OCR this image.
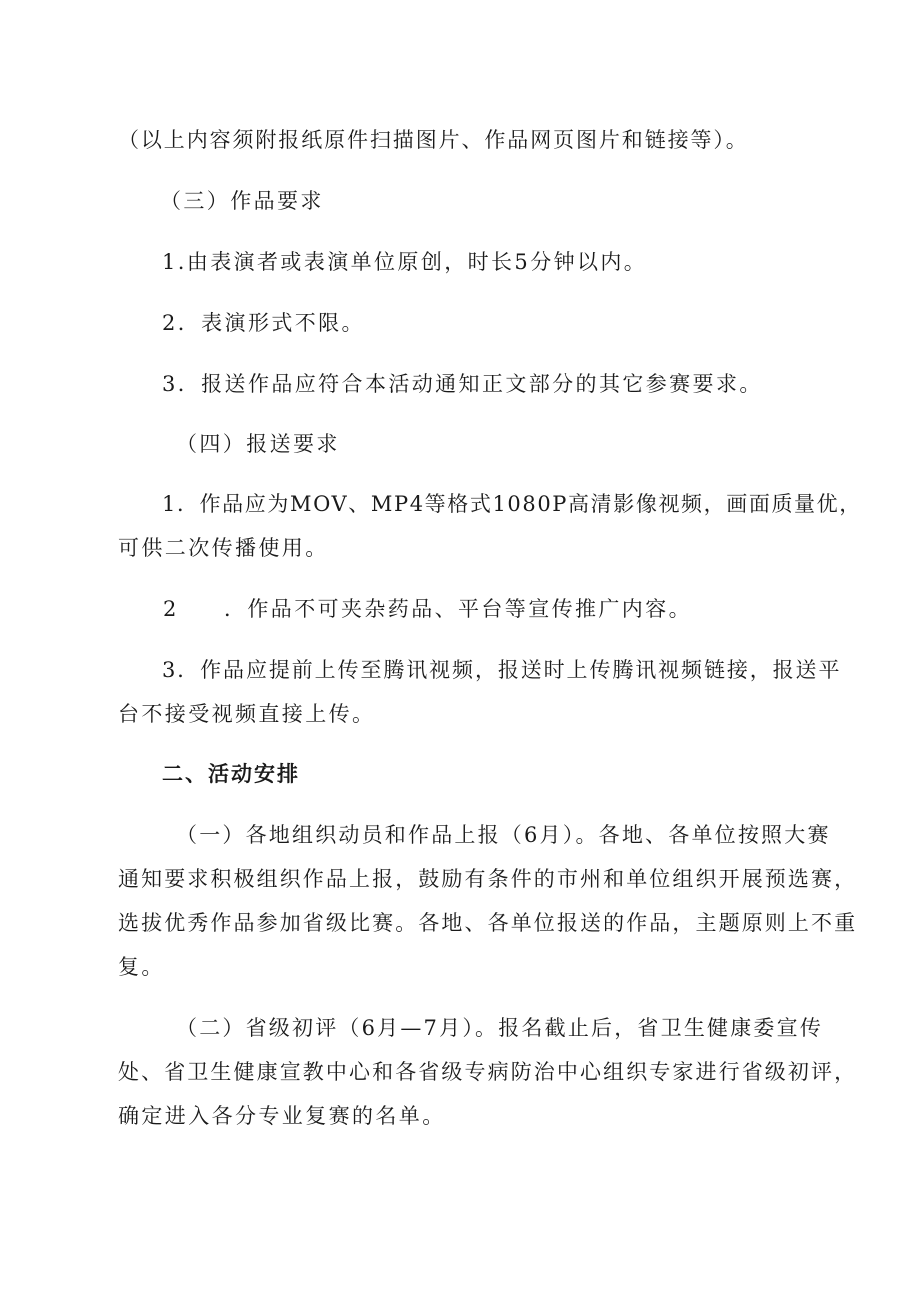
（以上内容须附报纸原件扫描图片、作品网页图片和链接等）。
（三）作品要求
1.由表演者或表演单位原创，时长5分钟以内。
2．表演形式不限。
3．报送作品应符合本活动通知正文部分的其它参赛要求。
（四）报送要求
1．作品应为MOV、MP4等格式1080P高清影像视频，画面质量优，
可供二次传播使用。
2 ．作品不可夹杂药品、平台等宣传推广内容。
3．作品应提前上传至腾讯视频，报送时上传腾讯视频链接，报送平
台不接受视频直接上传。
二、活动安排
（一）各地组织动员和作品上报（6月）。各地、各单位按照大赛
通知要求积极组织作品上报，鼓励有条件的市州和单位组织开展预选赛，
选拔优秀作品参加省级比赛。各地、各单位报送的作品，主题原则上不重
复。
（二）省级初评（6月—7月）。报名截止后，省卫生健康委宣传
处、省卫生健康宣教中心和各省级专病防治中心组织专家进行省级初评，
确定进入各分专业复赛的名单。
